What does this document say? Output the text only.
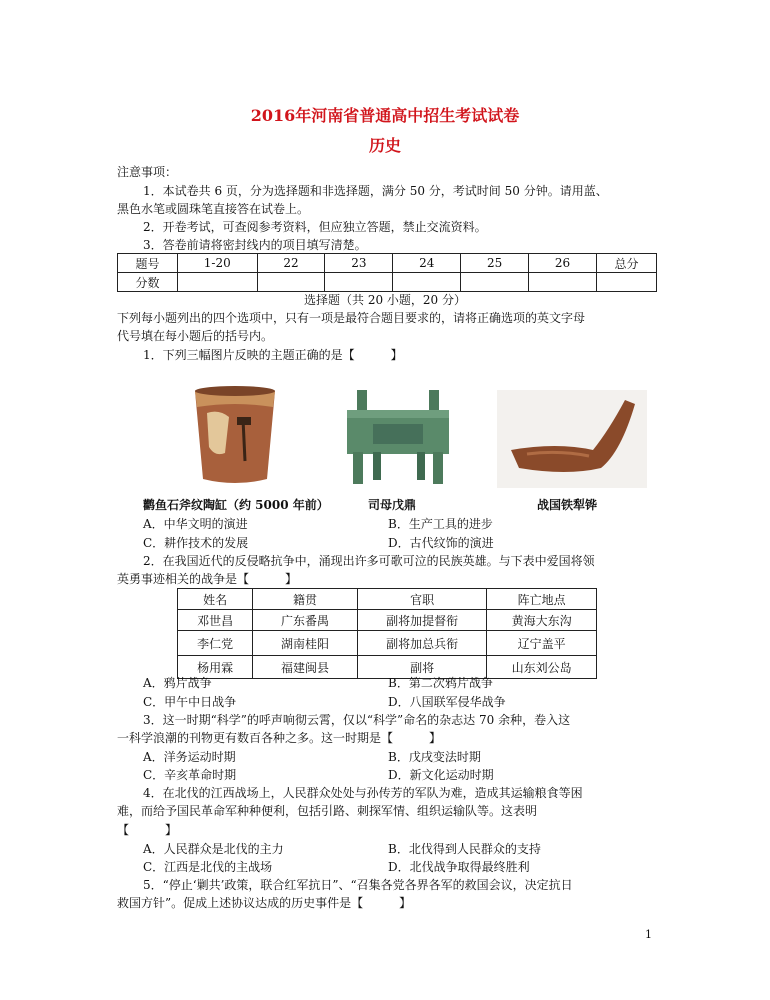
2016年河南省普通高中招生考试试卷
历史
注意事项：
1．本试卷共 6 页，分为选择题和非选择题，满分 50 分，考试时间 50 分钟。请用蓝、
黑色水笔或圆珠笔直接答在试卷上。
2．开卷考试，可查阅参考资料，但应独立答题，禁止交流资料。
3．答卷前请将密封线内的项目填写清楚。
题号	1-20	22	23	24	25	26	总分
分数							
选择题（共 20 小题，20 分）
下列每小题列出的四个选项中，只有一项是最符合题目要求的，请将正确选项的英文字母
代号填在每小题后的括号内。
1．下列三幅图片反映的主题正确的是【　　　】
鹳鱼石斧纹陶缸（约 5000 年前）	司母戊鼎	战国铁犁铧
A．中华文明的演进	B．生产工具的进步
C．耕作技术的发展	D．古代纹饰的演进
2．在我国近代的反侵略抗争中，涌现出许多可歌可泣的民族英雄。与下表中爱国将领
英勇事迹相关的战争是【　　　】
姓名	籍贯	官职	阵亡地点
邓世昌	广东番禺	副将加提督衔	黄海大东沟
李仁党	湖南桂阳	副将加总兵衔	辽宁盖平
杨用霖	福建闽县	副将	山东刘公岛
A．鸦片战争	B．第二次鸦片战争
C．甲午中日战争	D．八国联军侵华战争
3．这一时期“科学”的呼声响彻云霄，仅以“科学”命名的杂志达 70 余种，卷入这
一科学浪潮的刊物更有数百各种之多。这一时期是【　　　】
A．洋务运动时期	B．戊戌变法时期
C．辛亥革命时期	D．新文化运动时期
4．在北伐的江西战场上，人民群众处处与孙传芳的军队为难，造成其运输粮食等困
难，而给予国民革命军种种便利，包括引路、刺探军情、组织运输队等。这表明
【　　　】
A．人民群众是北伐的主力	B．北伐得到人民群众的支持
C．江西是北伐的主战场	D．北伐战争取得最终胜利
5．“停止‘剿共’政策，联合红军抗日”、“召集各党各界各军的救国会议，决定抗日
救国方针”。促成上述协议达成的历史事件是【　　　】
1
